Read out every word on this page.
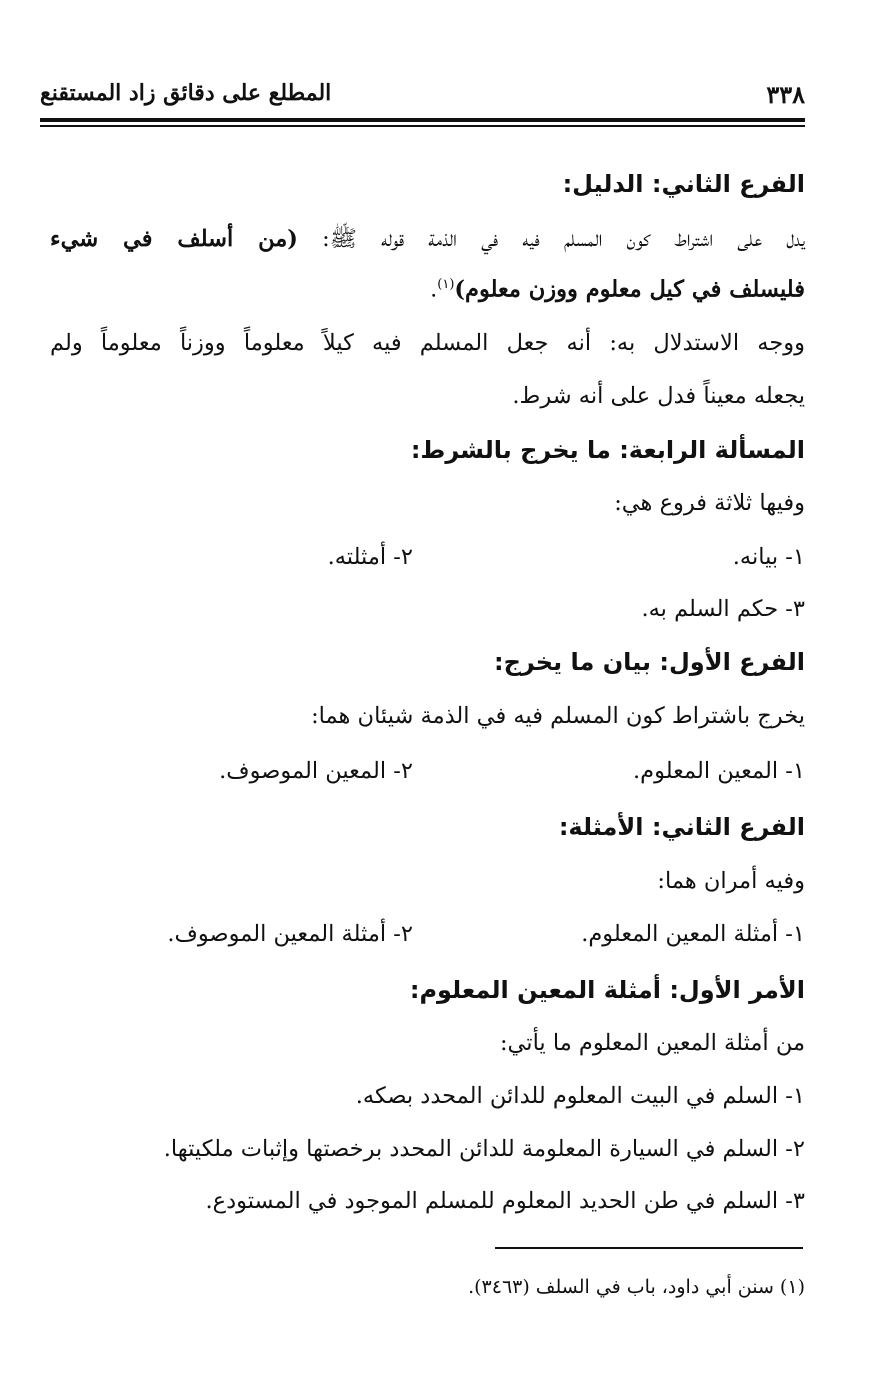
٣٣٨
المطلع على دقائق زاد المستقنع
الفرع الثاني: الدليل:
يدل على اشتراط كون المسلم فيه في الذمة قوله ﷺ: (من أسلف في شيء
فليسلف في كيل معلوم ووزن معلوم)$^{(١)}$.
ووجه الاستدلال به: أنه جعل المسلم فيه كيلاً معلوماً ووزناً معلوماً ولم
يجعله معيناً فدل على أنه شرط.
المسألة الرابعة: ما يخرج بالشرط:
وفيها ثلاثة فروع هي:
١- بيانه.
٢- أمثلته.
٣- حكم السلم به.
الفرع الأول: بيان ما يخرج:
يخرج باشتراط كون المسلم فيه في الذمة شيئان هما:
١- المعين المعلوم.
٢- المعين الموصوف.
الفرع الثاني: الأمثلة:
وفيه أمران هما:
١- أمثلة المعين المعلوم.
٢- أمثلة المعين الموصوف.
الأمر الأول: أمثلة المعين المعلوم:
من أمثلة المعين المعلوم ما يأتي:
١- السلم في البيت المعلوم للدائن المحدد بصكه.
٢- السلم في السيارة المعلومة للدائن المحدد برخصتها وإثبات ملكيتها.
٣- السلم في طن الحديد المعلوم للمسلم الموجود في المستودع.
(١) سنن أبي داود، باب في السلف (٣٤٦٣).
